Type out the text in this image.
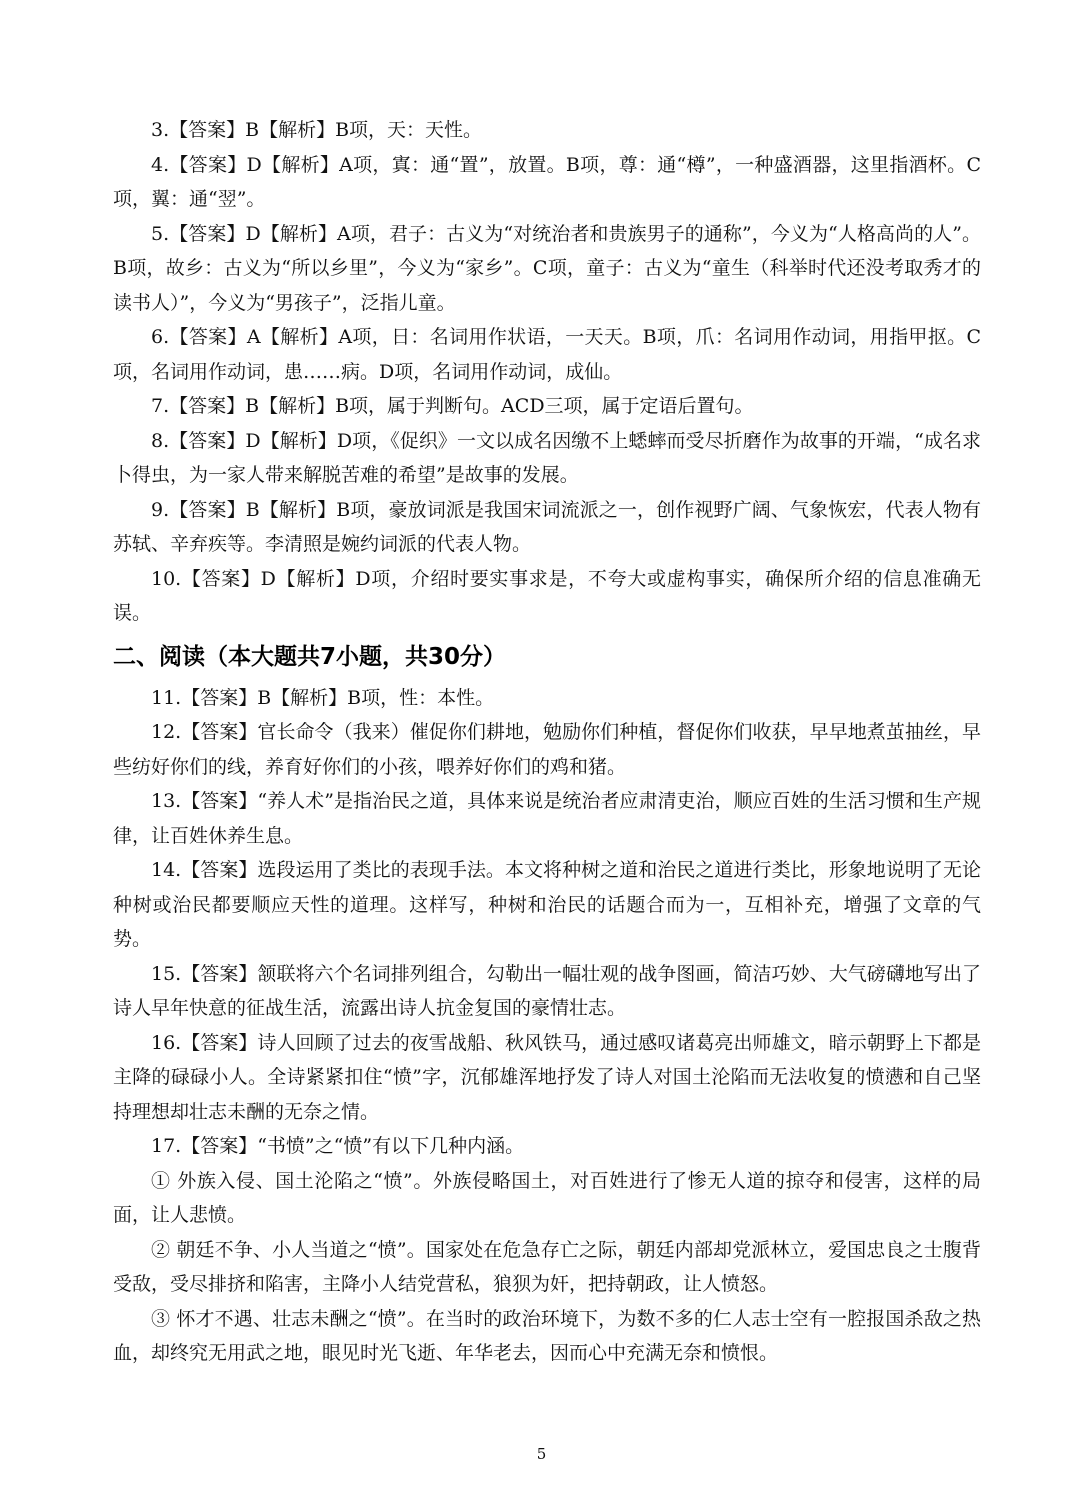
3.【答案】B【解析】B项，天：天性。

4.【答案】D【解析】A项，寘：通“置”，放置。B项，尊：通“樽”，一种盛酒器，这里指酒杯。C项，翼：通“翌”。

5.【答案】D【解析】A项，君子：古义为“对统治者和贵族男子的通称”，今义为“人格高尚的人”。B项，故乡：古义为“所以乡里”，今义为“家乡”。C项，童子：古义为“童生（科举时代还没考取秀才的读书人）”，今义为“男孩子”，泛指儿童。

6.【答案】A【解析】A项，日：名词用作状语，一天天。B项，爪：名词用作动词，用指甲抠。C项，名词用作动词，患……病。D项，名词用作动词，成仙。

7.【答案】B【解析】B项，属于判断句。ACD三项，属于定语后置句。

8.【答案】D【解析】D项，《促织》一文以成名因缴不上蟋蟀而受尽折磨作为故事的开端，“成名求卜得虫，为一家人带来解脱苦难的希望”是故事的发展。

9.【答案】B【解析】B项，豪放词派是我国宋词流派之一，创作视野广阔、气象恢宏，代表人物有苏轼、辛弃疾等。李清照是婉约词派的代表人物。

10.【答案】D【解析】D项，介绍时要实事求是，不夸大或虚构事实，确保所介绍的信息准确无误。

二、阅读（本大题共7小题，共30分）

11.【答案】B【解析】B项，性：本性。

12.【答案】官长命令（我来）催促你们耕地，勉励你们种植，督促你们收获，早早地煮茧抽丝，早些纺好你们的线，养育好你们的小孩，喂养好你们的鸡和猪。

13.【答案】“养人术”是指治民之道，具体来说是统治者应肃清吏治，顺应百姓的生活习惯和生产规律，让百姓休养生息。

14.【答案】选段运用了类比的表现手法。本文将种树之道和治民之道进行类比，形象地说明了无论种树或治民都要顺应天性的道理。这样写，种树和治民的话题合而为一，互相补充，增强了文章的气势。

15.【答案】颔联将六个名词排列组合，勾勒出一幅壮观的战争图画，简洁巧妙、大气磅礴地写出了诗人早年快意的征战生活，流露出诗人抗金复国的豪情壮志。

16.【答案】诗人回顾了过去的夜雪战船、秋风铁马，通过感叹诸葛亮出师雄文，暗示朝野上下都是主降的碌碌小人。全诗紧紧扣住“愤”字，沉郁雄浑地抒发了诗人对国土沦陷而无法收复的愤懑和自己坚持理想却壮志未酬的无奈之情。

17.【答案】“书愤”之“愤”有以下几种内涵。

① 外族入侵、国土沦陷之“愤”。外族侵略国土，对百姓进行了惨无人道的掠夺和侵害，这样的局面，让人悲愤。

② 朝廷不争、小人当道之“愤”。国家处在危急存亡之际，朝廷内部却党派林立，爱国忠良之士腹背受敌，受尽排挤和陷害，主降小人结党营私，狼狈为奸，把持朝政，让人愤怒。

③ 怀才不遇、壮志未酬之“愤”。在当时的政治环境下，为数不多的仁人志士空有一腔报国杀敌之热血，却终究无用武之地，眼见时光飞逝、年华老去，因而心中充满无奈和愤恨。

5
